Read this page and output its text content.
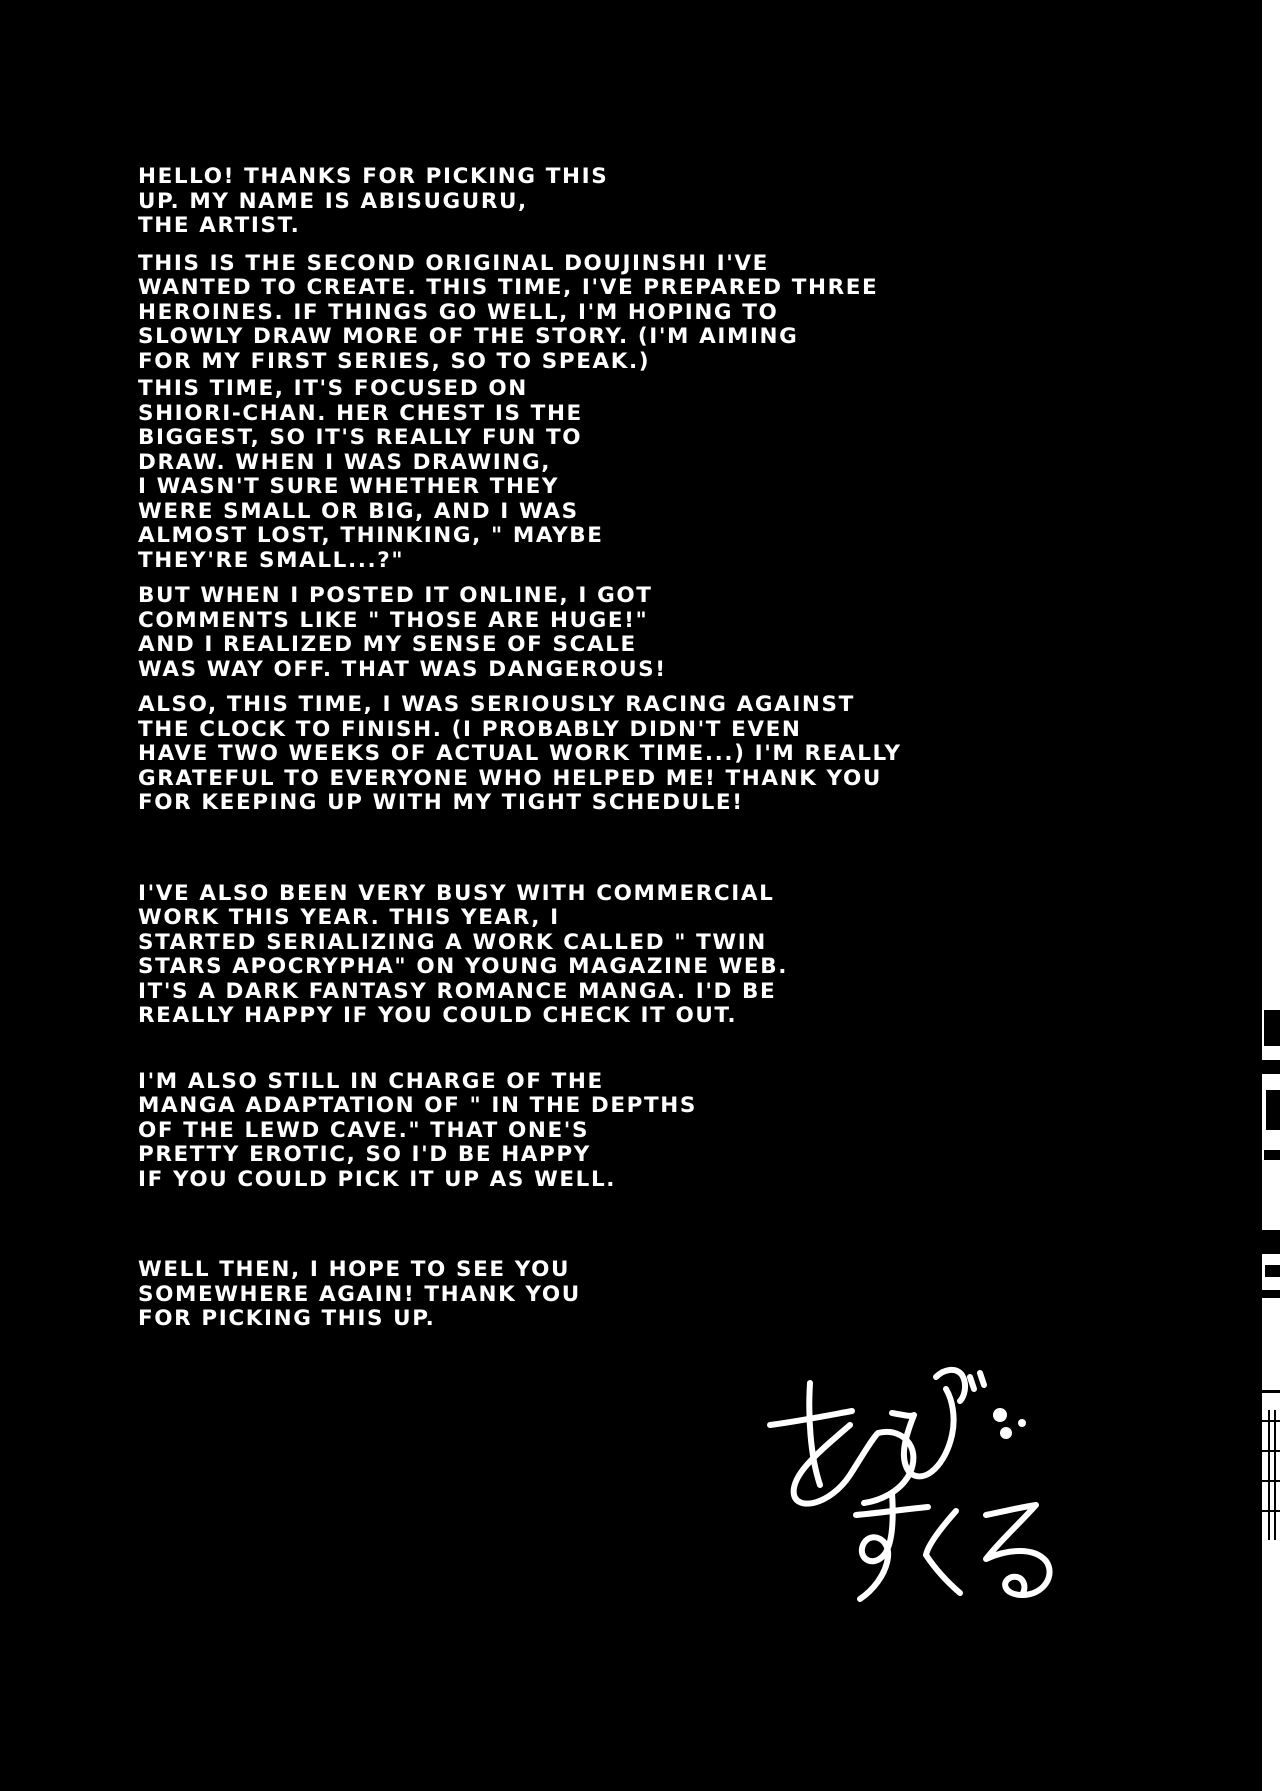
HELLO! THANKS FOR PICKING THIS
UP. MY NAME IS ABISUGURU,
THE ARTIST.

THIS IS THE SECOND ORIGINAL DOUJINSHI I'VE
WANTED TO CREATE. THIS TIME, I'VE PREPARED THREE
HEROINES. IF THINGS GO WELL, I'M HOPING TO
SLOWLY DRAW MORE OF THE STORY. (I'M AIMING
FOR MY FIRST SERIES, SO TO SPEAK.)

THIS TIME, IT'S FOCUSED ON
SHIORI-CHAN. HER CHEST IS THE
BIGGEST, SO IT'S REALLY FUN TO
DRAW. WHEN I WAS DRAWING,
I WASN'T SURE WHETHER THEY
WERE SMALL OR BIG, AND I WAS
ALMOST LOST, THINKING, " MAYBE
THEY'RE SMALL...?"

BUT WHEN I POSTED IT ONLINE, I GOT
COMMENTS LIKE " THOSE ARE HUGE!"
AND I REALIZED MY SENSE OF SCALE
WAS WAY OFF. THAT WAS DANGEROUS!

ALSO, THIS TIME, I WAS SERIOUSLY RACING AGAINST
THE CLOCK TO FINISH. (I PROBABLY DIDN'T EVEN
HAVE TWO WEEKS OF ACTUAL WORK TIME...) I'M REALLY
GRATEFUL TO EVERYONE WHO HELPED ME! THANK YOU
FOR KEEPING UP WITH MY TIGHT SCHEDULE!

I'VE ALSO BEEN VERY BUSY WITH COMMERCIAL
WORK THIS YEAR. THIS YEAR, I
STARTED SERIALIZING A WORK CALLED " TWIN
STARS APOCRYPHA" ON YOUNG MAGAZINE WEB.
IT'S A DARK FANTASY ROMANCE MANGA. I'D BE
REALLY HAPPY IF YOU COULD CHECK IT OUT.

I'M ALSO STILL IN CHARGE OF THE
MANGA ADAPTATION OF " IN THE DEPTHS
OF THE LEWD CAVE." THAT ONE'S
PRETTY EROTIC, SO I'D BE HAPPY
IF YOU COULD PICK IT UP AS WELL.

WELL THEN, I HOPE TO SEE YOU
SOMEWHERE AGAIN! THANK YOU
FOR PICKING THIS UP.
